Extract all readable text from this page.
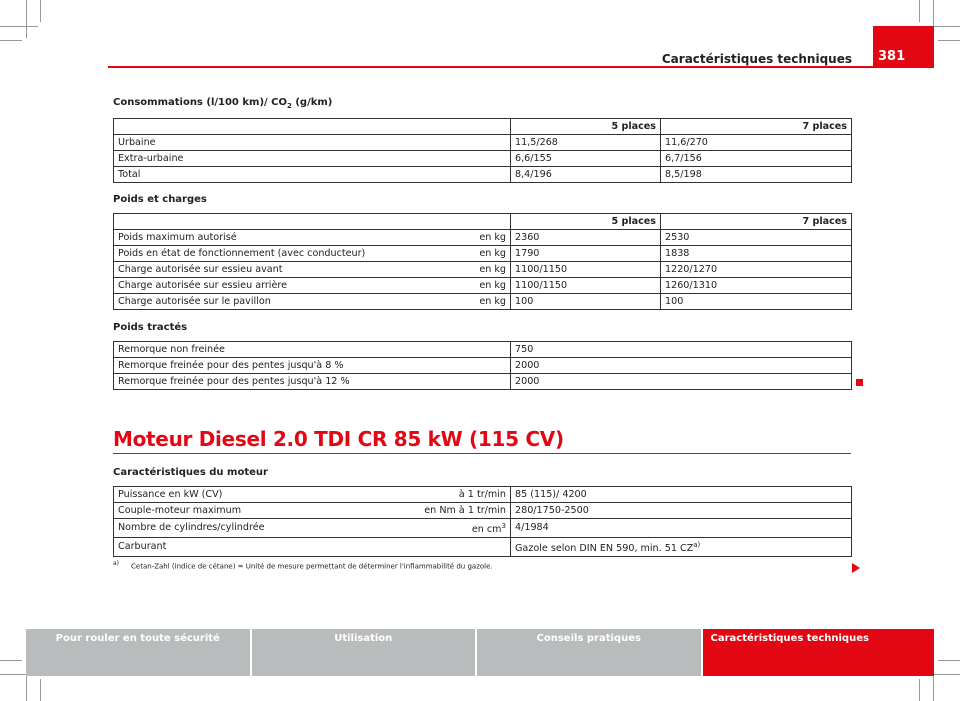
Caractéristiques techniques	381
Consommations (l/100 km)/ $CO_2$ (g/km)
	5 places	7 places
Urbaine	11,5/268	11,6/270
Extra-urbaine	6,6/155	6,7/156
Total	8,4/196	8,5/198
Poids et charges
		5 places	7 places
Poids maximum autorisé	en kg	2360	2530
Poids en état de fonctionnement (avec conducteur)	en kg	1790	1838
Charge autorisée sur essieu avant	en kg	1100/1150	1220/1270
Charge autorisée sur essieu arrière	en kg	1100/1150	1260/1310
Charge autorisée sur le pavillon	en kg	100	100
Poids tractés
Remorque non freinée	750
Remorque freinée pour des pentes jusqu'à 8 %	2000
Remorque freinée pour des pentes jusqu'à 12 %	2000
Moteur Diesel 2.0 TDI CR 85 kW (115 CV)
Caractéristiques du moteur
Puissance en kW (CV)	à 1 tr/min	85 (115)/ 4200
Couple-moteur maximum	en Nm à 1 tr/min	280/1750-2500
Nombre de cylindres/cylindrée	en $cm^3$	4/1984
Carburant		Gazole selon DIN EN 590, min. 51 CZ$^{a)}$
a) Cetan-Zahl (indice de cétane) = Unité de mesure permettant de déterminer l'inflammabilité du gazole.
Pour rouler en toute sécurité	Utilisation	Conseils pratiques	Caractéristiques techniques
